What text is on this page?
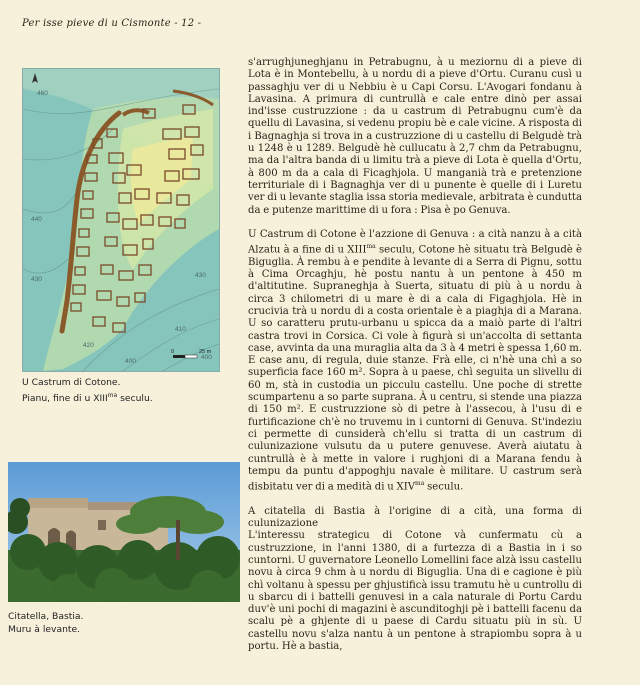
Per isse pieve di u Cismonte - 12 -
460
440
430
430
420
410
400
400
0	25 m
U Castrum di Cotone.
Pianu, fine di u $XIII^{ma}$ seculu.
Citatella, Bastia.
Muru à levante.

s'arrughjuneghjanu in Petrabugnu, à u meziornu di a pieve di Lota è in Montebellu, à u nordu di a pieve d'Ortu. Curanu cusì u passaghju ver di u Nebbiu è u Capi Corsu. L'Avogari fondanu à Lavasina. A primura di cuntrullà e cale entre dinò per assai ind'isse custruzzione : da u castrum di Petrabugnu cum'è da quellu di Lavasina, si vedenu propiu bè e cale vicine. A risposta di i Bagnaghja si trova in a custruzzione di u castellu di Belgudè trà u 1248 è u 1289. Belgudè hè cullucatu à 2,7 chm da Petrabugnu, ma da l'altra banda di u limitu trà a pieve di Lota è quella d'Ortu, à 800 m da a cala di Ficaghjola. U manganià trà e pretenzione territuriale di i Bagnaghja ver di u punente è quelle di i Luretu ver di u levante staglia issa storia medievale, arbitrata è cundutta da e putenze marittime di u fora : Pisa è po Genuva.

U Castrum di Cotone è l'azzione di Genuva : a cità nanzu à a cità Alzatu à a fine di u $XIII^{ma}$ seculu, Cotone hè situatu trà Belgudè è Biguglia. À rembu à e pendite à levante di a Serra di Pignu, sottu à Cima Orcaghju, hè postu nantu à un pentone à 450 m d'altitutine. Supraneghja à Suerta, situatu di più à u nordu à circa 3 chilometri di u mare è di a cala di Figaghjola. Hè in crucivia trà u nordu di a costa orientale è a piaghja di a Marana. U so caratteru prutu-urbanu u spicca da a maiò parte di l'altri castra trovi in Corsica. Ci vole à figurà si un'accolta di settanta case, avvinta da una muraglia alta da 3 à 4 metri è spessa 1,60 m. E case anu, di regula, duie stanze. Frà elle, ci n'hè una chì a so superficia face 160 m². Sopra à u paese, chì seguita un slivellu di 60 m, stà in custodia un picculu castellu. Une poche di strette scumpartenu a so parte suprana. À u centru, si stende una piazza di 150 m². E custruzzione sò di petre à l'assecou, à l'usu di e furtificazione ch'è no truvemu in i cuntorni di Genuva. St'indeziu ci permette di cunsiderà ch'ellu si tratta di un castrum di culunizazione vulsutu da u putere genuvese. Averà aiutatu à cuntrullà è à mette in valore i rughjoni di a Marana fendu à tempu da puntu d'appoghju navale è militare. U castrum serà disbitatu ver di a medità di u $XIV^{ma}$ seculu.

A citatella di Bastia à l'origine di a cità, una forma di culunizazione

L'interessu strategicu di Cotone và cunfermatu cù a custruzzione, in l'anni 1380, di a furtezza di a Bastia in i so cuntorni. U guvernatore Leonello Lomellini face alzà issu castellu novu à circa 9 chm à u nordu di Biguglia. Una di e cagione è più chì voltanu à spessu per ghjustificà issu tramutu hè u cuntrollu di u sbarcu di i battelli genuvesi in a cala naturale di Portu Cardu duv'è uni pochi di magazini è ascunditoghji pè i battelli facenu da scalu pè a ghjente di u paese di Cardu situatu più in sù. U castellu novu s'alza nantu à un pentone à strapiombu sopra à u portu. Hè a bastia,
